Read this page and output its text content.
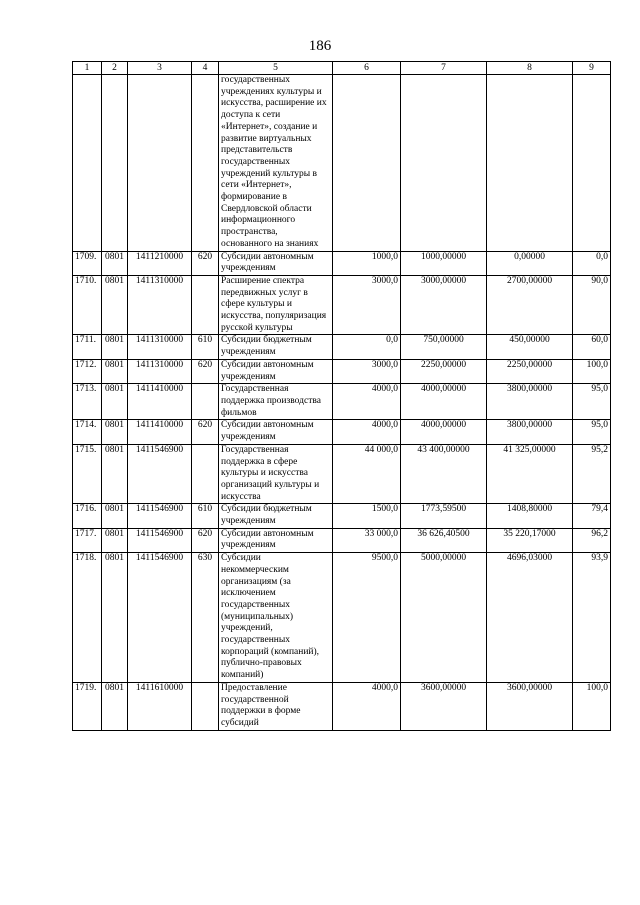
186
1	2	3	4	5	6	7	8	9
				государственных учреждениях культуры и искусства, расширение их доступа к сети «Интернет», создание и развитие виртуальных представительств государственных учреждений культуры в сети «Интернет», формирование в Свердловской области информационного пространства, основанного на знаниях				
1709.	0801	1411210000	620	Субсидии автономным учреждениям	1000,0	1000,00000	0,00000	0,0
1710.	0801	1411310000		Расширение спектра передвижных услуг в сфере культуры и искусства, популяризация русской культуры	3000,0	3000,00000	2700,00000	90,0
1711.	0801	1411310000	610	Субсидии бюджетным учреждениям	0,0	750,00000	450,00000	60,0
1712.	0801	1411310000	620	Субсидии автономным учреждениям	3000,0	2250,00000	2250,00000	100,0
1713.	0801	1411410000		Государственная поддержка производства фильмов	4000,0	4000,00000	3800,00000	95,0
1714.	0801	1411410000	620	Субсидии автономным учреждениям	4000,0	4000,00000	3800,00000	95,0
1715.	0801	1411546900		Государственная поддержка в сфере культуры и искусства организаций культуры и искусства	44 000,0	43 400,00000	41 325,00000	95,2
1716.	0801	1411546900	610	Субсидии бюджетным учреждениям	1500,0	1773,59500	1408,80000	79,4
1717.	0801	1411546900	620	Субсидии автономным учреждениям	33 000,0	36 626,40500	35 220,17000	96,2
1718.	0801	1411546900	630	Субсидии некоммерческим организациям (за исключением государственных (муниципальных) учреждений, государственных корпораций (компаний), публично-правовых компаний)	9500,0	5000,00000	4696,03000	93,9
1719.	0801	1411610000		Предоставление государственной поддержки в форме субсидий	4000,0	3600,00000	3600,00000	100,0
